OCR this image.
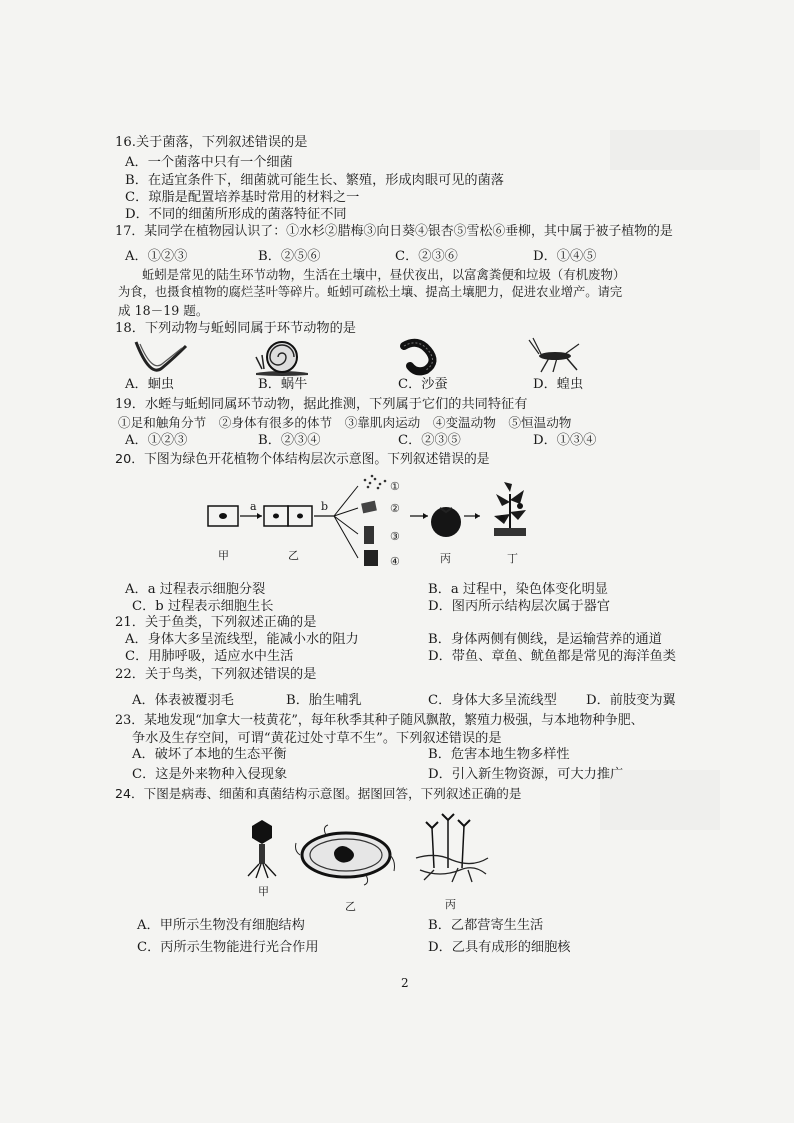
16.关于菌落，下列叙述错误的是
A．一个菌落中只有一个细菌
B．在适宜条件下，细菌就可能生长、繁殖，形成肉眼可见的菌落
C．琼脂是配置培养基时常用的材料之一
D．不同的细菌所形成的菌落特征不同
17．某同学在植物园认识了：①水杉②腊梅③向日葵④银杏⑤雪松⑥垂柳，其中属于被子植物的是
A．①②③	B．②⑤⑥	C．②③⑥	D．①④⑤
蚯蚓是常见的陆生环节动物，生活在土壤中，昼伏夜出，以富禽粪便和垃圾（有机废物）
为食，也摄食植物的腐烂茎叶等碎片。蚯蚓可疏松土壤、提高土壤肥力，促进农业增产。请完
成 18－19 题。
18．下列动物与蚯蚓同属于环节动物的是
A．蛔虫	B．蜗牛	C．沙蚕	D．蝗虫
19．水蛭与蚯蚓同属环节动物，据此推测，下列属于它们的共同特征有
①足和触角分节　②身体有很多的体节　③靠肌肉运动　④变温动物　⑤恒温动物
A．①②③	B．②③④	C．②③⑤	D．①③④
20．下图为绿色开花植物个体结构层次示意图。下列叙述错误的是
a	b
①
②
③
④
甲	乙	丙	丁
A．a 过程表示细胞分裂	B．a 过程中，染色体变化明显
C．b 过程表示细胞生长	D．图丙所示结构层次属于器官
21．关于鱼类，下列叙述正确的是
A．身体大多呈流线型，能减小水的阻力	B．身体两侧有侧线，是运输营养的通道
C．用肺呼吸，适应水中生活	D．带鱼、章鱼、鱿鱼都是常见的海洋鱼类
22．关于鸟类，下列叙述错误的是
A．体表被覆羽毛	B．胎生哺乳	C．身体大多呈流线型 D．前肢变为翼
23．某地发现“加拿大一枝黄花”，每年秋季其种子随风飘散，繁殖力极强，与本地物种争肥、
争水及生存空间，可谓“黄花过处寸草不生”。下列叙述错误的是
A．破坏了本地的生态平衡	B．危害本地生物多样性
C．这是外来物种入侵现象	D．引入新生物资源，可大力推广
24．下图是病毒、细菌和真菌结构示意图。据图回答，下列叙述正确的是
甲
乙	丙
A．甲所示生物没有细胞结构	B．乙都营寄生生活
C．丙所示生物能进行光合作用	D．乙具有成形的细胞核
2
